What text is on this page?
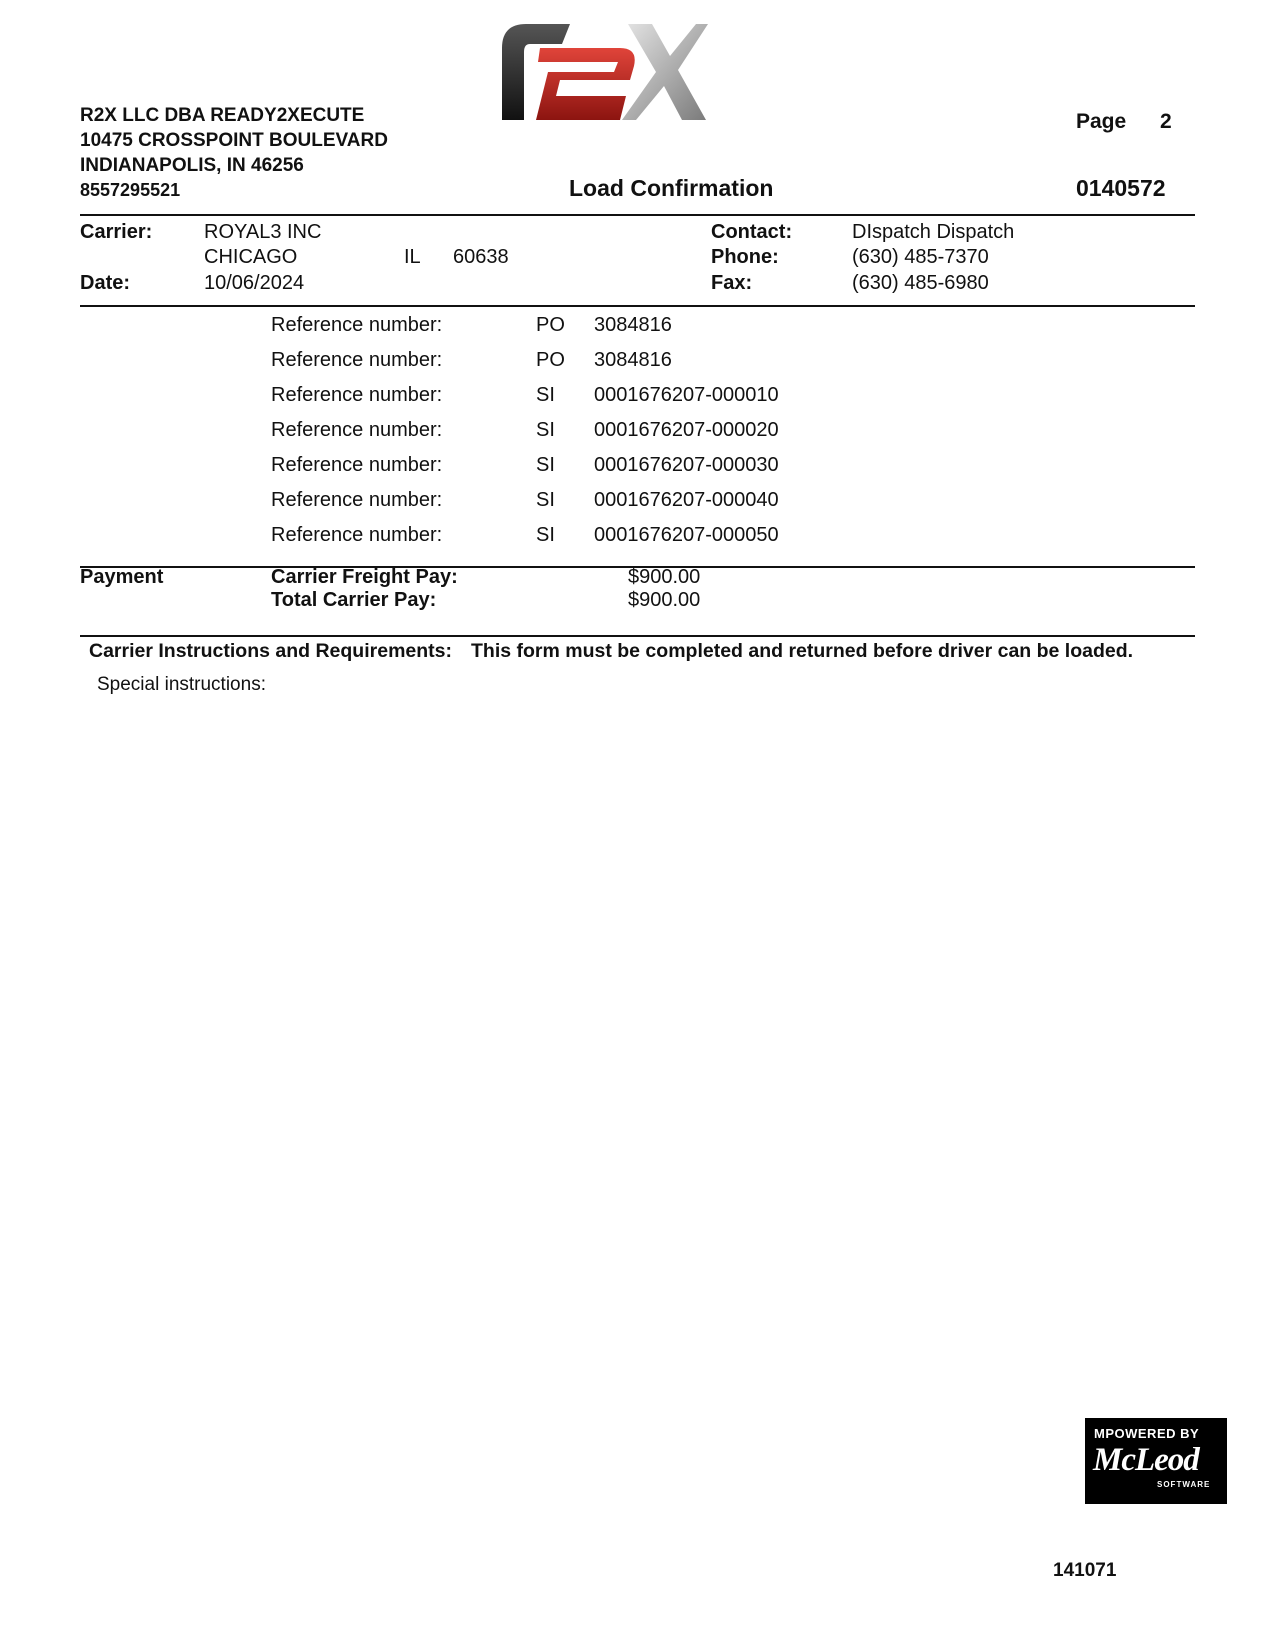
R2X LLC DBA READY2XECUTE
10475 CROSSPOINT BOULEVARD
INDIANAPOLIS, IN 46256
8557295521
Page 2
Load Confirmation	0140572
Carrier:	ROYAL3 INC
CHICAGO	IL 60638
Date:	10/06/2024
Contact:	DIspatch Dispatch
Phone:	(630) 485-7370
Fax:	(630) 485-6980
Reference number:	PO 3084816
Reference number:	PO 3084816
Reference number:	SI 0001676207-000010
Reference number:	SI 0001676207-000020
Reference number:	SI 0001676207-000030
Reference number:	SI 0001676207-000040
Reference number:	SI 0001676207-000050
Payment	Carrier Freight Pay:	$900.00
Total Carrier Pay:	$900.00
Carrier Instructions and Requirements: This form must be completed and returned before driver can be loaded.
Special instructions:
MPOWERED BY
McLeod
SOFTWARE
141071
